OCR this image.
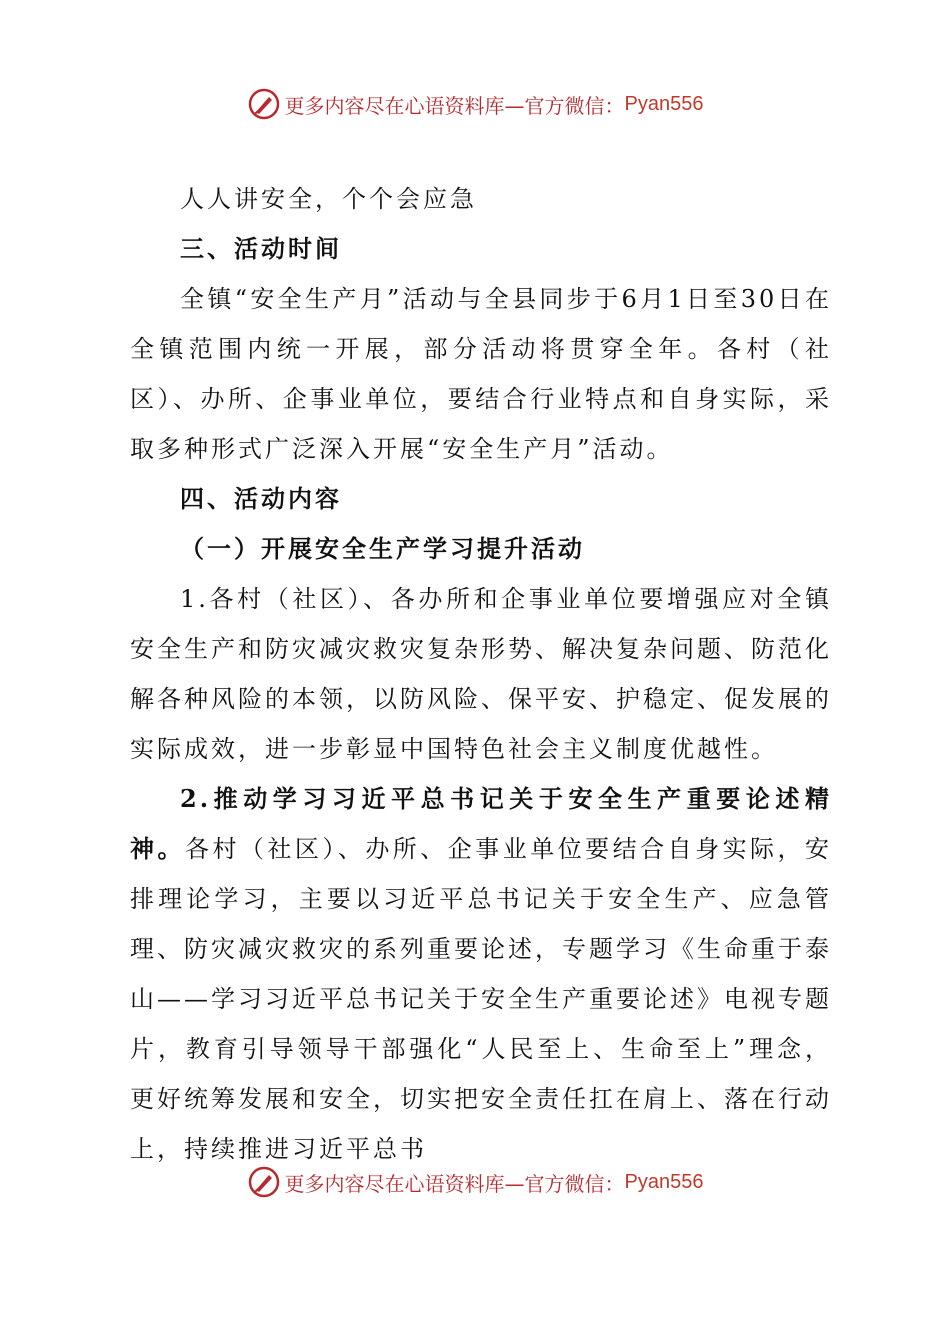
更多内容尽在心语资料库—官方微信： Pyan556

人人讲安全，个个会应急

三、活动时间

全镇“安全生产月”活动与全县同步于6月1日至30日在全镇范围内统一开展，部分活动将贯穿全年。各村（社区）、办所、企事业单位，要结合行业特点和自身实际，采取多种形式广泛深入开展“安全生产月”活动。

四、活动内容

（一）开展安全生产学习提升活动

1.各村（社区）、各办所和企事业单位要增强应对全镇安全生产和防灾减灾救灾复杂形势、解决复杂问题、防范化解各种风险的本领，以防风险、保平安、护稳定、促发展的实际成效，进一步彰显中国特色社会主义制度优越性。

2.推动学习习近平总书记关于安全生产重要论述精神。各村（社区）、办所、企事业单位要结合自身实际，安排理论学习，主要以习近平总书记关于安全生产、应急管理、防灾减灾救灾的系列重要论述，专题学习《生命重于泰山——学习习近平总书记关于安全生产重要论述》电视专题片，教育引导领导干部强化“人民至上、生命至上”理念，更好统筹发展和安全，切实把安全责任扛在肩上、落在行动上，持续推进习近平总书

更多内容尽在心语资料库—官方微信： Pyan556
